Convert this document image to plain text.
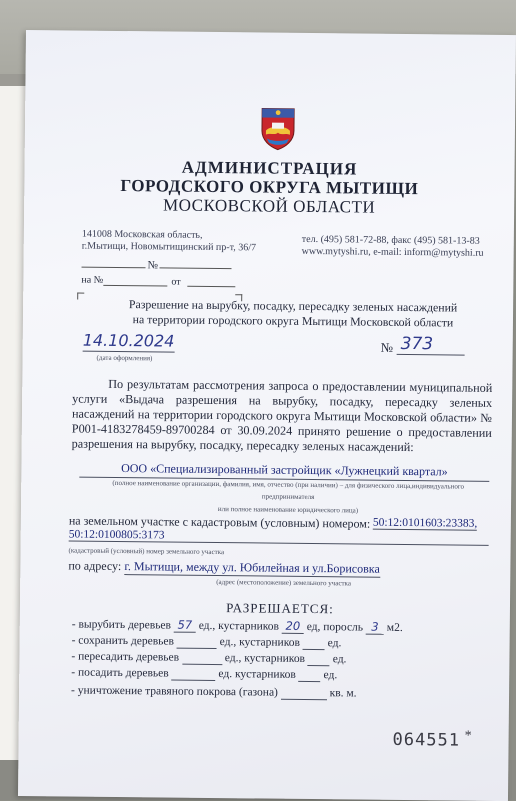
АДМИНИСТРАЦИЯ
ГОРОДСКОГО ОКРУГА МЫТИЩИ
МОСКОВСКОЙ ОБЛАСТИ
141008 Московская область,
г.Мытищи, Новомытищинский пр-т, 36/7
тел. (495) 581-72-88, факс (495) 581-13-83
www.mytyshi.ru, e-mail: inform@mytyshi.ru
№
на №	от
Разрешение на вырубку, посадку, пересадку зеленых насаждений
на территории городского округа Мытищи Московской области
14.10.2024
(дата оформления)
№ 373
По результатам рассмотрения запроса о предоставлении муниципальной услуги «Выдача разрешения на вырубку, посадку, пересадку зеленых насаждений на территории городского округа Мытищи Московской области» № Р001-4183278459-89700284 от 30.09.2024 принято решение о предоставлении разрешения на вырубку, посадку, пересадку зеленых насаждений:
ООО «Специализированный застройщик «Лужнецкий квартал»
(полное наименование организации, фамилия, имя, отчество (при наличии) – для физического лица,индивидуального
предпринимателя
или полное наименование юридического лица)
на земельном участке с кадастровым (условным) номером: 50:12:0101603:23383,
50:12:0100805:3173
(кадастровый (условный) номер земельного участка
по адресу: г. Мытищи, между ул. Юбилейная и ул.Борисовка
(адрес (местоположение) земельного участка
РАЗРЕШАЕТСЯ:
- вырубить деревьев 57 ед., кустарников 20 ед, поросль 3 м2.
- сохранить деревьев	ед., кустарников ед.
- пересадить деревьев	ед., кустарников ед.
- посадить деревьев	ед. кустарников ед.
- уничтожение травяного покрова (газона)	кв. м.
064551 *
